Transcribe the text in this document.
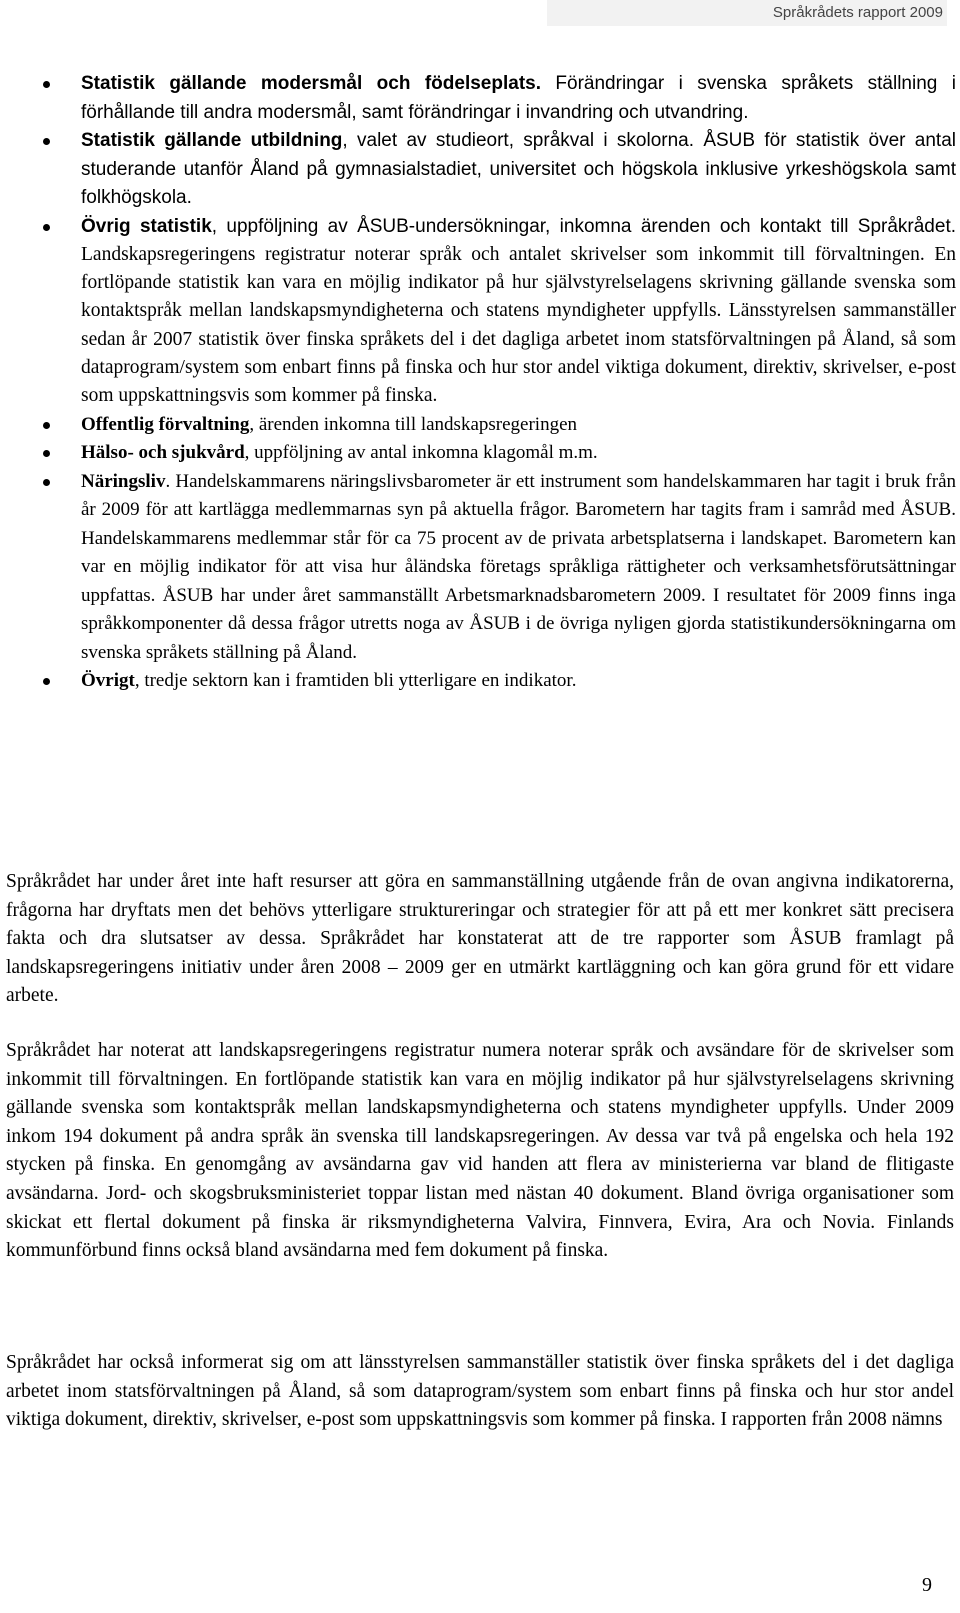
Språkrådets rapport 2009
Statistik gällande modersmål och födelseplats. Förändringar i svenska språkets ställning i förhållande till andra modersmål, samt förändringar i invandring och utvandring.
Statistik gällande utbildning, valet av studieort, språkval i skolorna. ÅSUB för statistik över antal studerande utanför Åland på gymnasialstadiet, universitet och högskola inklusive yrkeshögskola samt folkhögskola.
Övrig statistik, uppföljning av ÅSUB-undersökningar, inkomna ärenden och kontakt till Språkrådet. Landskapsregeringens registratur noterar språk och antalet skrivelser som inkommit till förvaltningen. En fortlöpande statistik kan vara en möjlig indikator på hur självstyrelselagens skrivning gällande svenska som kontaktspråk mellan landskapsmyndigheterna och statens myndigheter uppfylls. Länsstyrelsen sammanställer sedan år 2007 statistik över finska språkets del i det dagliga arbetet inom statsförvaltningen på Åland, så som dataprogram/system som enbart finns på finska och hur stor andel viktiga dokument, direktiv, skrivelser, e-post som uppskattningsvis som kommer på finska.
Offentlig förvaltning, ärenden inkomna till landskapsregeringen
Hälso- och sjukvård, uppföljning av antal inkomna klagomål m.m.
Näringsliv. Handelskammarens näringslivsbarometer är ett instrument som handelskammaren har tagit i bruk från år 2009 för att kartlägga medlemmarnas syn på aktuella frågor. Barometern har tagits fram i samråd med ÅSUB. Handelskammarens medlemmar står för ca 75 procent av de privata arbetsplatserna i landskapet. Barometern kan var en möjlig indikator för att visa hur åländska företags språkliga rättigheter och verksamhetsförutsättningar uppfattas. ÅSUB har under året sammanställt Arbetsmarknadsbarometern 2009. I resultatet för 2009 finns inga språkkomponenter då dessa frågor utretts noga av ÅSUB i de övriga nyligen gjorda statistikundersökningarna om svenska språkets ställning på Åland.
Övrigt, tredje sektorn kan i framtiden bli ytterligare en indikator.

Språkrådet har under året inte haft resurser att göra en sammanställning utgående från de ovan angivna indikatorerna, frågorna har dryftats men det behövs ytterligare struktureringar och strategier för att på ett mer konkret sätt precisera fakta och dra slutsatser av dessa. Språkrådet har konstaterat att de tre rapporter som ÅSUB framlagt på landskapsregeringens initiativ under åren 2008 – 2009 ger en utmärkt kartläggning och kan göra grund för ett vidare arbete.

Språkrådet har noterat att landskapsregeringens registratur numera noterar språk och avsändare för de skrivelser som inkommit till förvaltningen. En fortlöpande statistik kan vara en möjlig indikator på hur självstyrelselagens skrivning gällande svenska som kontaktspråk mellan landskapsmyndigheterna och statens myndigheter uppfylls. Under 2009 inkom 194 dokument på andra språk än svenska till landskapsregeringen. Av dessa var två på engelska och hela 192 stycken på finska. En genomgång av avsändarna gav vid handen att flera av ministerierna var bland de flitigaste avsändarna. Jord- och skogsbruksministeriet toppar listan med nästan 40 dokument. Bland övriga organisationer som skickat ett flertal dokument på finska är riksmyndigheterna Valvira, Finnvera, Evira, Ara och Novia. Finlands kommunförbund finns också bland avsändarna med fem dokument på finska.

Språkrådet har också informerat sig om att länsstyrelsen sammanställer statistik över finska språkets del i det dagliga arbetet inom statsförvaltningen på Åland, så som dataprogram/system som enbart finns på finska och hur stor andel viktiga dokument, direktiv, skrivelser, e-post som uppskattningsvis som kommer på finska. I rapporten från 2008 nämns

9
